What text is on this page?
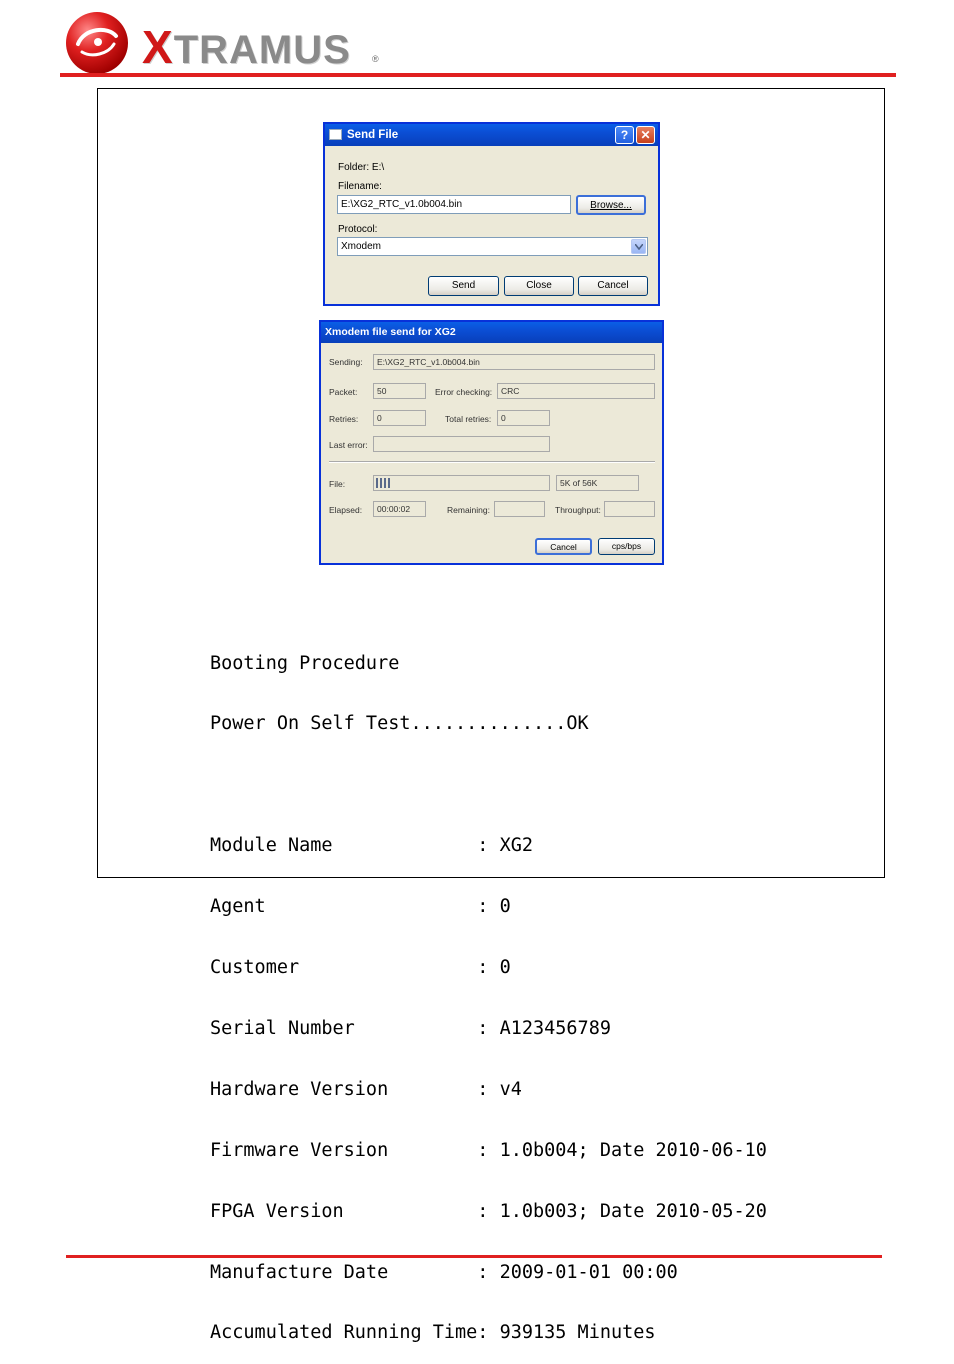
XTRAMUS ®
Send File	?	✕
Folder: E:\
Filename:
E:\XG2_RTC_v1.0b004.bin	Browse...
Protocol:
Xmodem
Send	Close	Cancel
Xmodem file send for XG2
Sending:	E:\XG2_RTC_v1.0b004.bin
Packet:	50	Error checking:	CRC
Retries:	0	Total retries:	0
Last error:
File:	5K of 56K
Elapsed:	00:00:02	Remaining:	Throughput:
Cancel	cps/bps

Booting Procedure

Power On Self Test..............OK

Module Name             : XG2

Agent                   : 0

Customer                : 0

Serial Number           : A123456789

Hardware Version        : v4

Firmware Version        : 1.0b004; Date 2010-06-10

FPGA Version            : 1.0b003; Date 2010-05-20

Manufacture Date        : 2009-01-01 00:00

Accumulated Running Time: 939135 Minutes
